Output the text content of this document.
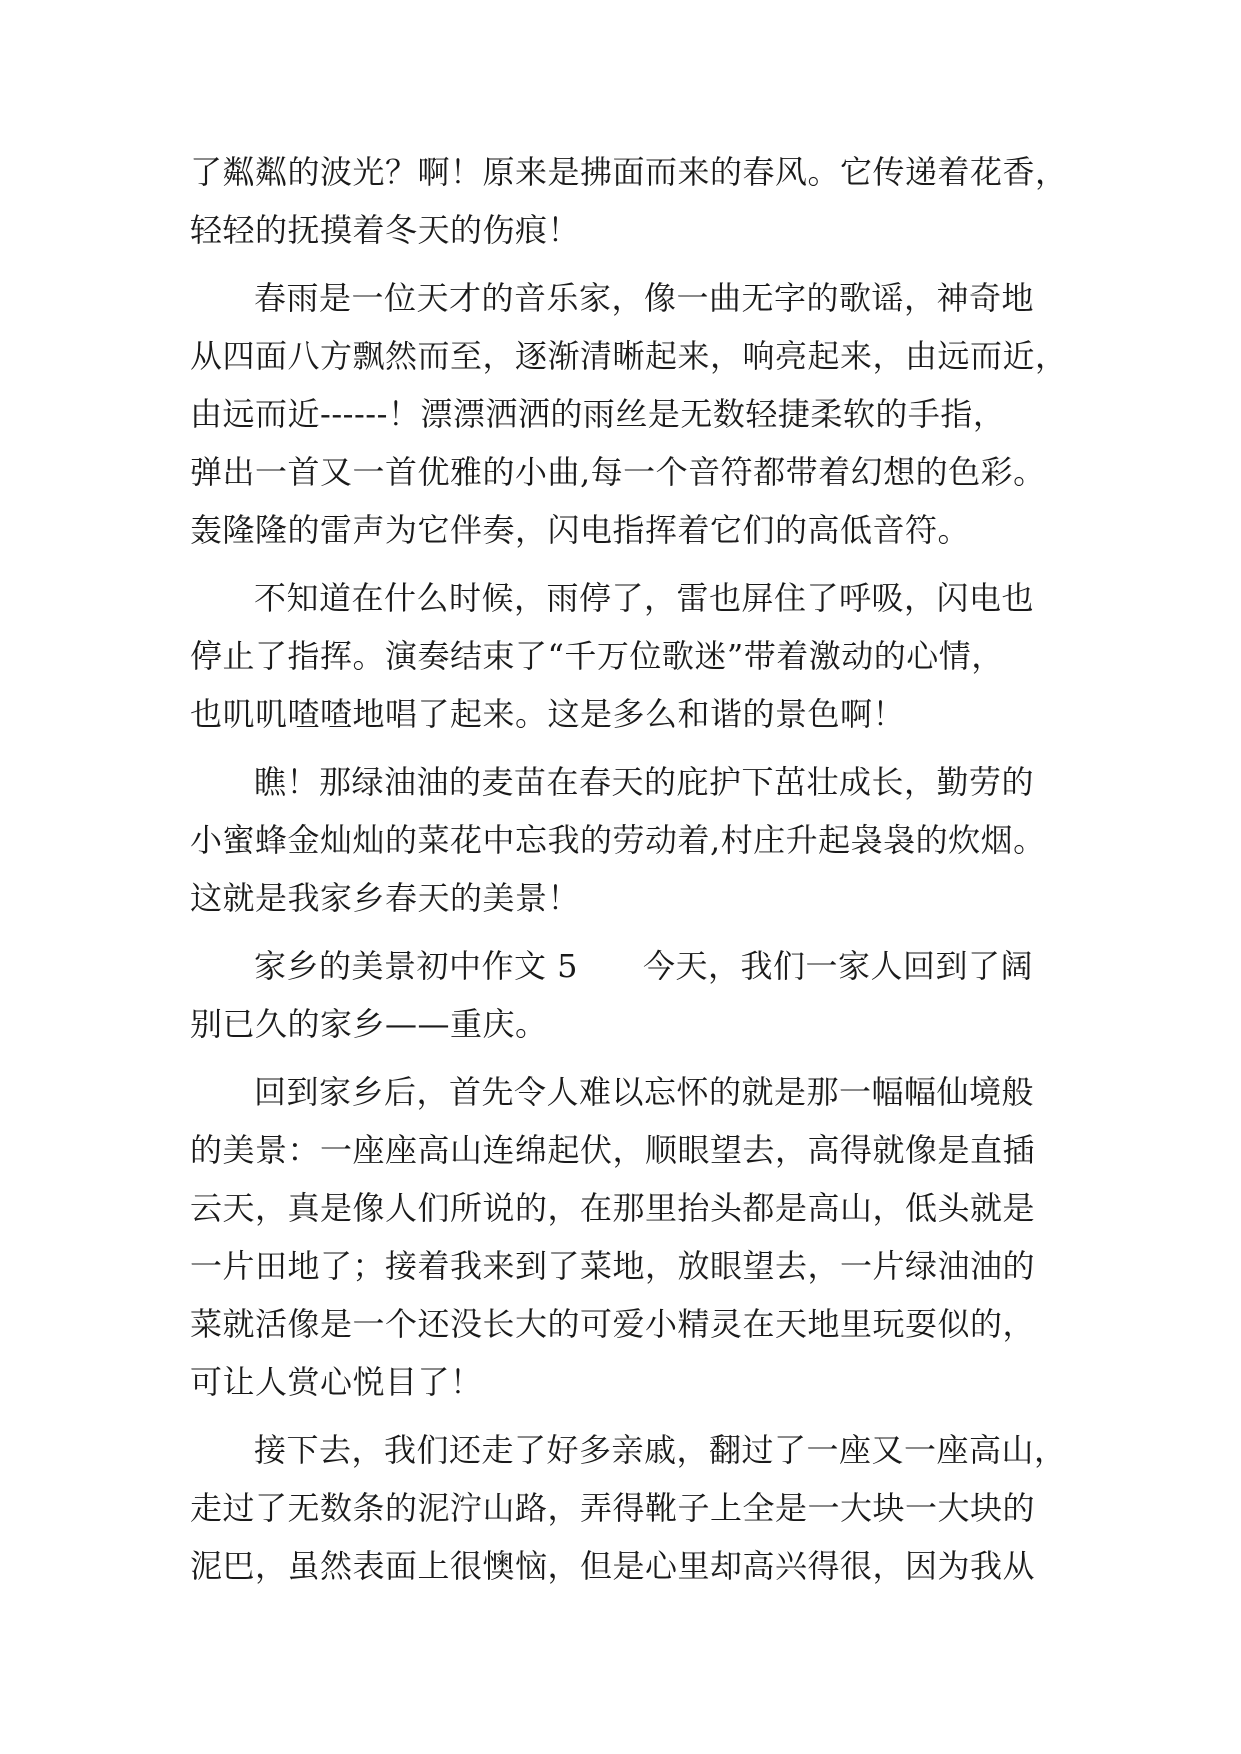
了粼粼的波光？啊！原来是拂面而来的春风。它传递着花香，
轻轻的抚摸着冬天的伤痕！
春雨是一位天才的音乐家，像一曲无字的歌谣，神奇地
从四面八方飘然而至，逐渐清晰起来，响亮起来，由远而近，
由远而近------！漂漂洒洒的雨丝是无数轻捷柔软的手指，
弹出一首又一首优雅的小曲,每一个音符都带着幻想的色彩。
轰隆隆的雷声为它伴奏，闪电指挥着它们的高低音符。
不知道在什么时候，雨停了，雷也屏住了呼吸，闪电也
停止了指挥。演奏结束了“千万位歌迷”带着激动的心情，
也叽叽喳喳地唱了起来。这是多么和谐的景色啊！
瞧！那绿油油的麦苗在春天的庇护下茁壮成长，勤劳的
小蜜蜂金灿灿的菜花中忘我的劳动着,村庄升起袅袅的炊烟。
这就是我家乡春天的美景！
家乡的美景初中作文 5　　今天，我们一家人回到了阔
别已久的家乡——重庆。
回到家乡后，首先令人难以忘怀的就是那一幅幅仙境般
的美景：一座座高山连绵起伏，顺眼望去，高得就像是直插
云天，真是像人们所说的，在那里抬头都是高山，低头就是
一片田地了；接着我来到了菜地，放眼望去，一片绿油油的
菜就活像是一个还没长大的可爱小精灵在天地里玩耍似的，
可让人赏心悦目了！
接下去，我们还走了好多亲戚，翻过了一座又一座高山，
走过了无数条的泥泞山路，弄得靴子上全是一大块一大块的
泥巴，虽然表面上很懊恼，但是心里却高兴得很，因为我从
